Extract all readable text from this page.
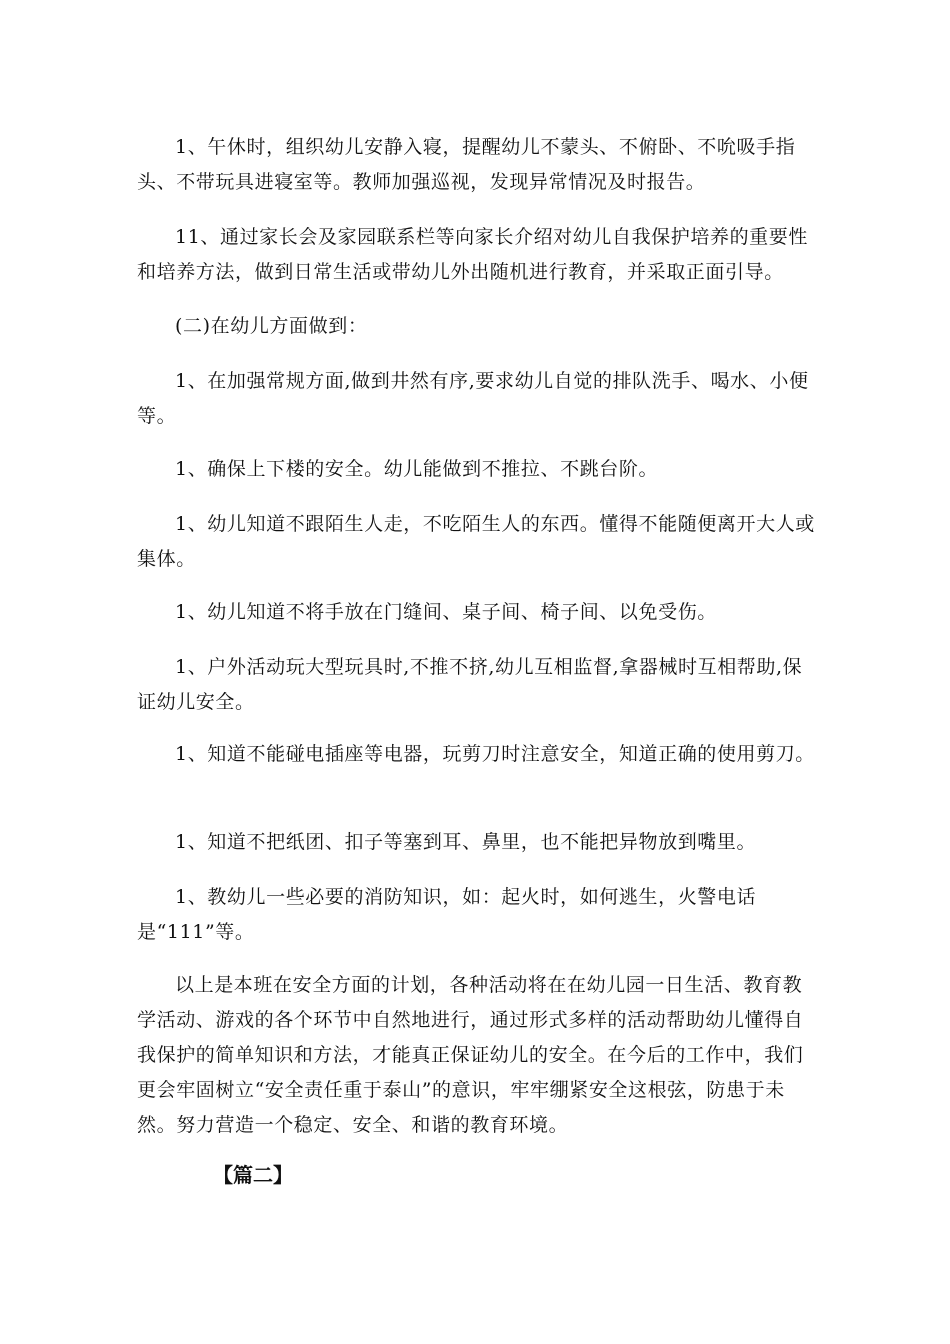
1、午休时，组织幼儿安静入寝，提醒幼儿不蒙头、不俯卧、不吮吸手指头、不带玩具进寝室等。教师加强巡视，发现异常情况及时报告。

11、通过家长会及家园联系栏等向家长介绍对幼儿自我保护培养的重要性和培养方法，做到日常生活或带幼儿外出随机进行教育，并采取正面引导。

(二)在幼儿方面做到：

1、在加强常规方面,做到井然有序,要求幼儿自觉的排队洗手、喝水、小便等。

1、确保上下楼的安全。幼儿能做到不推拉、不跳台阶。

1、幼儿知道不跟陌生人走，不吃陌生人的东西。懂得不能随便离开大人或集体。

1、幼儿知道不将手放在门缝间、桌子间、椅子间、以免受伤。

1、户外活动玩大型玩具时,不推不挤,幼儿互相监督,拿器械时互相帮助,保证幼儿安全。

1、知道不能碰电插座等电器，玩剪刀时注意安全，知道正确的使用剪刀。

1、知道不把纸团、扣子等塞到耳、鼻里，也不能把异物放到嘴里。

1、教幼儿一些必要的消防知识，如：起火时，如何逃生，火警电话是“111”等。

以上是本班在安全方面的计划，各种活动将在在幼儿园一日生活、教育教学活动、游戏的各个环节中自然地进行，通过形式多样的活动帮助幼儿懂得自我保护的简单知识和方法，才能真正保证幼儿的安全。在今后的工作中，我们更会牢固树立“安全责任重于泰山”的意识，牢牢绷紧安全这根弦，防患于未然。努力营造一个稳定、安全、和谐的教育环境。

【篇二】
